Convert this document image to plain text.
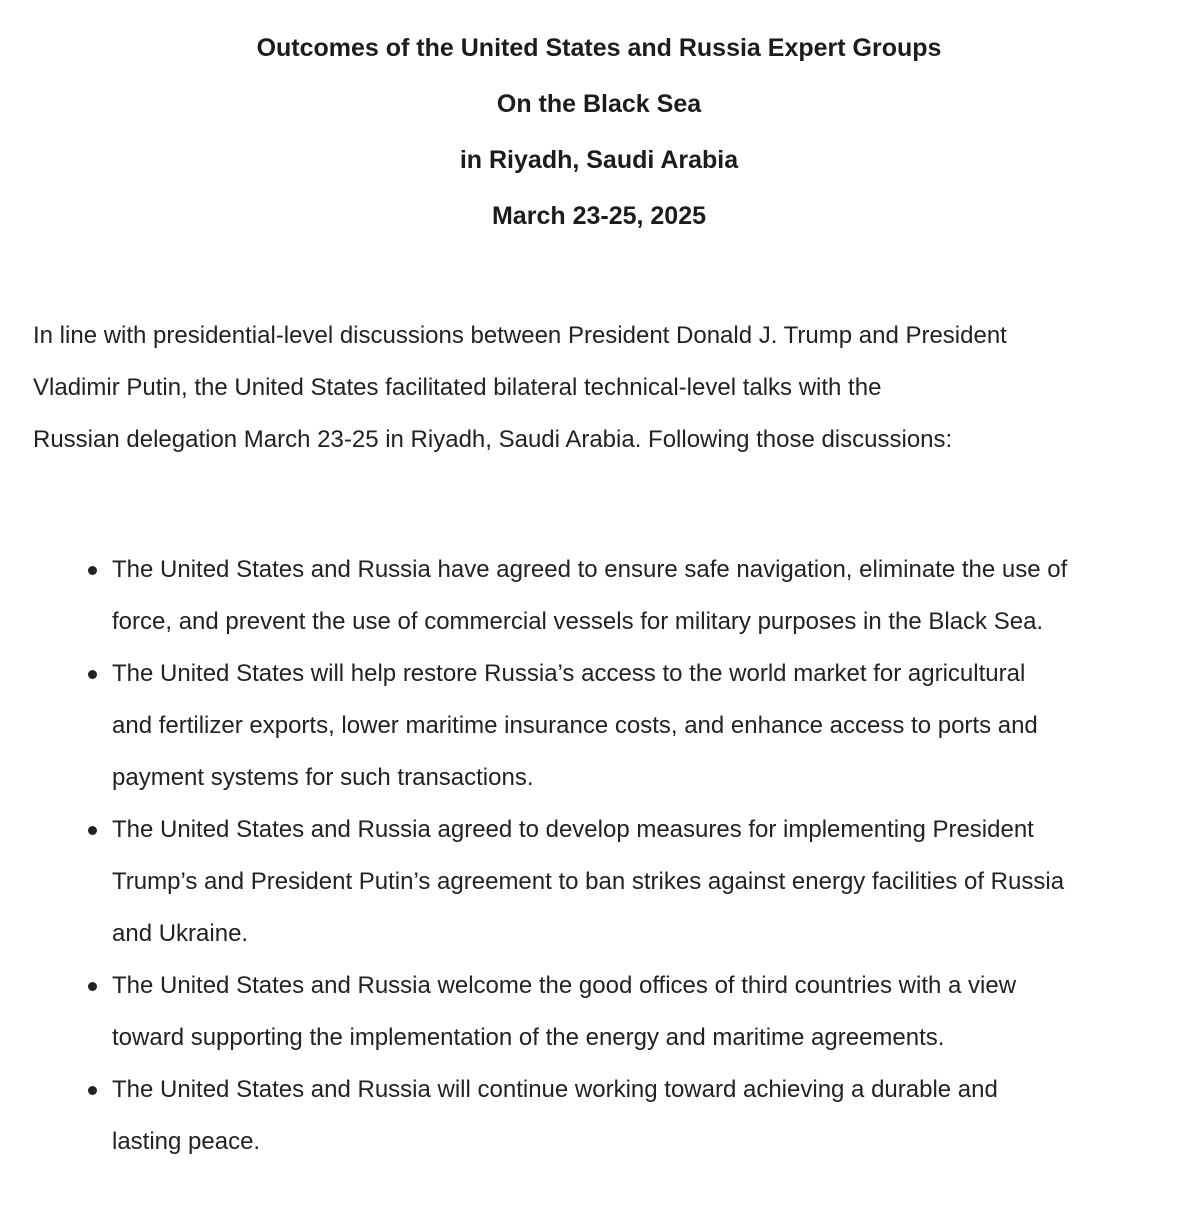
Outcomes of the United States and Russia Expert Groups
On the Black Sea
in Riyadh, Saudi Arabia
March 23-25, 2025

In line with presidential-level discussions between President Donald J. Trump and President
Vladimir Putin, the United States facilitated bilateral technical-level talks with the
Russian delegation March 23-25 in Riyadh, Saudi Arabia. Following those discussions:

The United States and Russia have agreed to ensure safe navigation, eliminate the use of
force, and prevent the use of commercial vessels for military purposes in the Black Sea.
The United States will help restore Russia’s access to the world market for agricultural
and fertilizer exports, lower maritime insurance costs, and enhance access to ports and
payment systems for such transactions.
The United States and Russia agreed to develop measures for implementing President
Trump’s and President Putin’s agreement to ban strikes against energy facilities of Russia
and Ukraine.
The United States and Russia welcome the good offices of third countries with a view
toward supporting the implementation of the energy and maritime agreements.
The United States and Russia will continue working toward achieving a durable and
lasting peace.
